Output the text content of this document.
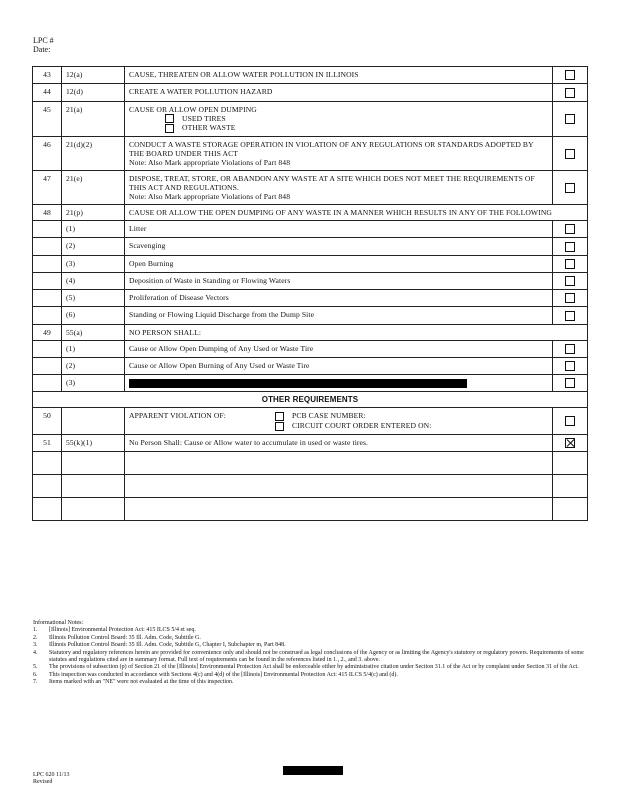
LPC #
Date:
43	12(a)	CAUSE, THREATEN OR ALLOW WATER POLLUTION IN ILLINOIS	
44	12(d)	CREATE A WATER POLLUTION HAZARD	
45	21(a)	CAUSE OR ALLOW OPEN DUMPING
USED TIRES
OTHER WASTE	

46	21(d)(2)	CONDUCT A WASTE STORAGE OPERATION IN VIOLATION OF ANY REGULATIONS OR STANDARDS ADOPTED BY THE BOARD UNDER THIS ACT
Note: Also Mark appropriate Violations of Part 848	

47	21(e)	DISPOSE, TREAT, STORE, OR ABANDON ANY WASTE AT A SITE WHICH DOES NOT MEET THE REQUIREMENTS OF THIS ACT AND REGULATIONS.
Note: Also Mark appropriate Violations of Part 848	

48	21(p)	CAUSE OR ALLOW THE OPEN DUMPING OF ANY WASTE IN A MANNER WHICH RESULTS IN ANY OF THE FOLLOWING	
	(1)	Litter	
	(2)	Scavenging	
	(3)	Open Burning	
	(4)	Deposition of Waste in Standing or Flowing Waters	
	(5)	Proliferation of Disease Vectors	
	(6)	Standing or Flowing Liquid Discharge from the Dump Site	
49	55(a)	NO PERSON SHALL:	
	(1)	Cause or Allow Open Dumping of Any Used or Waste Tire	
	(2)	Cause or Allow Open Burning of Any Used or Waste Tire	
	(3)		
OTHER REQUIREMENTS			
50		APPARENT VIOLATION OF: PCB CASE NUMBER:
CIRCUIT COURT ORDER ENTERED ON:	

51	55(k)(1)	No Person Shall: Cause or Allow water to accumulate in used or waste tires.	

Informational Notes:
1.	[Illinois] Environmental Protection Act: 415 ILCS 5/4 et seq.
2.	Illinois Pollution Control Board: 35 Ill. Adm. Code, Subtitle G.
3.	Illinois Pollution Control Board: 35 Ill. Adm. Code, Subtitle G, Chapter I, Subchapter m, Part 848.
4.	Statutory and regulatory references herein are provided for convenience only and should not be construed as legal conclusions of the Agency or as limiting the Agency's statutory or regulatory powers. Requirements of some statutes and regulations cited are in summary format. Full text of requirements can be found in the references listed in 1., 2., and 3. above.
5.	The provisions of subsection (p) of Section 21 of the [Illinois] Environmental Protection Act shall be enforceable either by administrative citation under Section 31.1 of the Act or by complaint under Section 31 of the Act.
6.	This inspection was conducted in accordance with Sections 4(c) and 4(d) of the [Illinois] Environmental Protection Act: 415 ILCS 5/4(c) and (d).
7.	Items marked with an "NE" were not evaluated at the time of this inspection.
LPC 620 11/13
Revised
